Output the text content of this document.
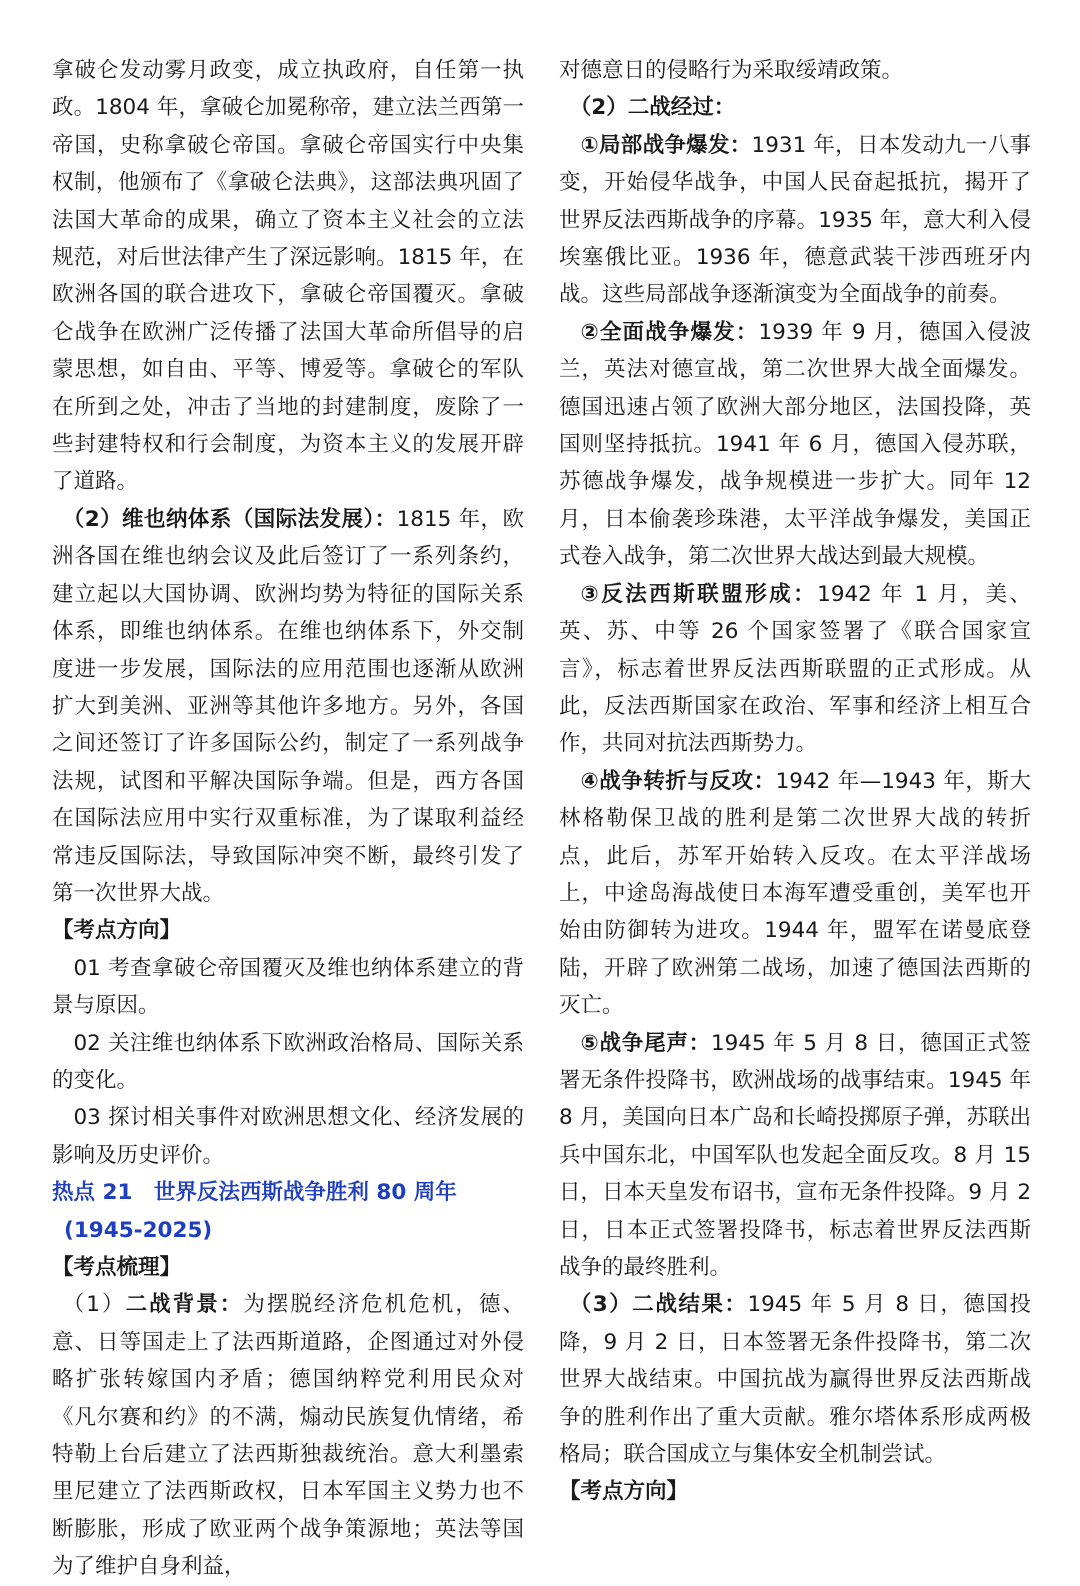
拿破仑发动雾月政变，成立执政府，自任第一执政。1804 年，拿破仑加冕称帝，建立法兰西第一帝国，史称拿破仑帝国。拿破仑帝国实行中央集权制，他颁布了《拿破仑法典》，这部法典巩固了法国大革命的成果，确立了资本主义社会的立法规范，对后世法律产生了深远影响。1815 年，在欧洲各国的联合进攻下，拿破仑帝国覆灭。拿破仑战争在欧洲广泛传播了法国大革命所倡导的启蒙思想，如自由、平等、博爱等。拿破仑的军队在所到之处，冲击了当地的封建制度，废除了一些封建特权和行会制度，为资本主义的发展开辟了道路。

（2）维也纳体系（国际法发展）：1815 年，欧洲各国在维也纳会议及此后签订了一系列条约，建立起以大国协调、欧洲均势为特征的国际关系体系，即维也纳体系。在维也纳体系下，外交制度进一步发展，国际法的应用范围也逐渐从欧洲扩大到美洲、亚洲等其他许多地方。另外，各国之间还签订了许多国际公约，制定了一系列战争法规，试图和平解决国际争端。但是，西方各国在国际法应用中实行双重标准，为了谋取利益经常违反国际法，导致国际冲突不断，最终引发了第一次世界大战。

【考点方向】

01 考查拿破仑帝国覆灭及维也纳体系建立的背景与原因。

02 关注维也纳体系下欧洲政治格局、国际关系的变化。

03 探讨相关事件对欧洲思想文化、经济发展的影响及历史评价。

热点 21　世界反法西斯战争胜利 80 周年

(1945-2025)

【考点梳理】

（1）二战背景：为摆脱经济危机危机，德、意、日等国走上了法西斯道路，企图通过对外侵略扩张转嫁国内矛盾；德国纳粹党利用民众对《凡尔赛和约》的不满，煽动民族复仇情绪，希特勒上台后建立了法西斯独裁统治。意大利墨索里尼建立了法西斯政权，日本军国主义势力也不断膨胀，形成了欧亚两个战争策源地；英法等国为了维护自身利益，

对德意日的侵略行为采取绥靖政策。

（2）二战经过：

①局部战争爆发：1931 年，日本发动九一八事变，开始侵华战争，中国人民奋起抵抗，揭开了世界反法西斯战争的序幕。1935 年，意大利入侵埃塞俄比亚。1936 年，德意武装干涉西班牙内战。这些局部战争逐渐演变为全面战争的前奏。

②全面战争爆发：1939 年 9 月，德国入侵波兰，英法对德宣战，第二次世界大战全面爆发。德国迅速占领了欧洲大部分地区，法国投降，英国则坚持抵抗。1941 年 6 月，德国入侵苏联，苏德战争爆发，战争规模进一步扩大。同年 12 月，日本偷袭珍珠港，太平洋战争爆发，美国正式卷入战争，第二次世界大战达到最大规模。

③反法西斯联盟形成：1942 年 1 月，美、英、苏、中等 26 个国家签署了《联合国家宣言》，标志着世界反法西斯联盟的正式形成。从此，反法西斯国家在政治、军事和经济上相互合作，共同对抗法西斯势力。

④战争转折与反攻：1942 年—1943 年，斯大林格勒保卫战的胜利是第二次世界大战的转折点，此后，苏军开始转入反攻。在太平洋战场上，中途岛海战使日本海军遭受重创，美军也开始由防御转为进攻。1944 年，盟军在诺曼底登陆，开辟了欧洲第二战场，加速了德国法西斯的灭亡。

⑤战争尾声：1945 年 5 月 8 日，德国正式签署无条件投降书，欧洲战场的战事结束。1945 年 8 月，美国向日本广岛和长崎投掷原子弹，苏联出兵中国东北，中国军队也发起全面反攻。8 月 15 日，日本天皇发布诏书，宣布无条件投降。9 月 2 日，日本正式签署投降书，标志着世界反法西斯战争的最终胜利。

（3）二战结果：1945 年 5 月 8 日，德国投降，9 月 2 日，日本签署无条件投降书，第二次世界大战结束。中国抗战为赢得世界反法西斯战争的胜利作出了重大贡献。雅尔塔体系形成两极格局；联合国成立与集体安全机制尝试。

【考点方向】
